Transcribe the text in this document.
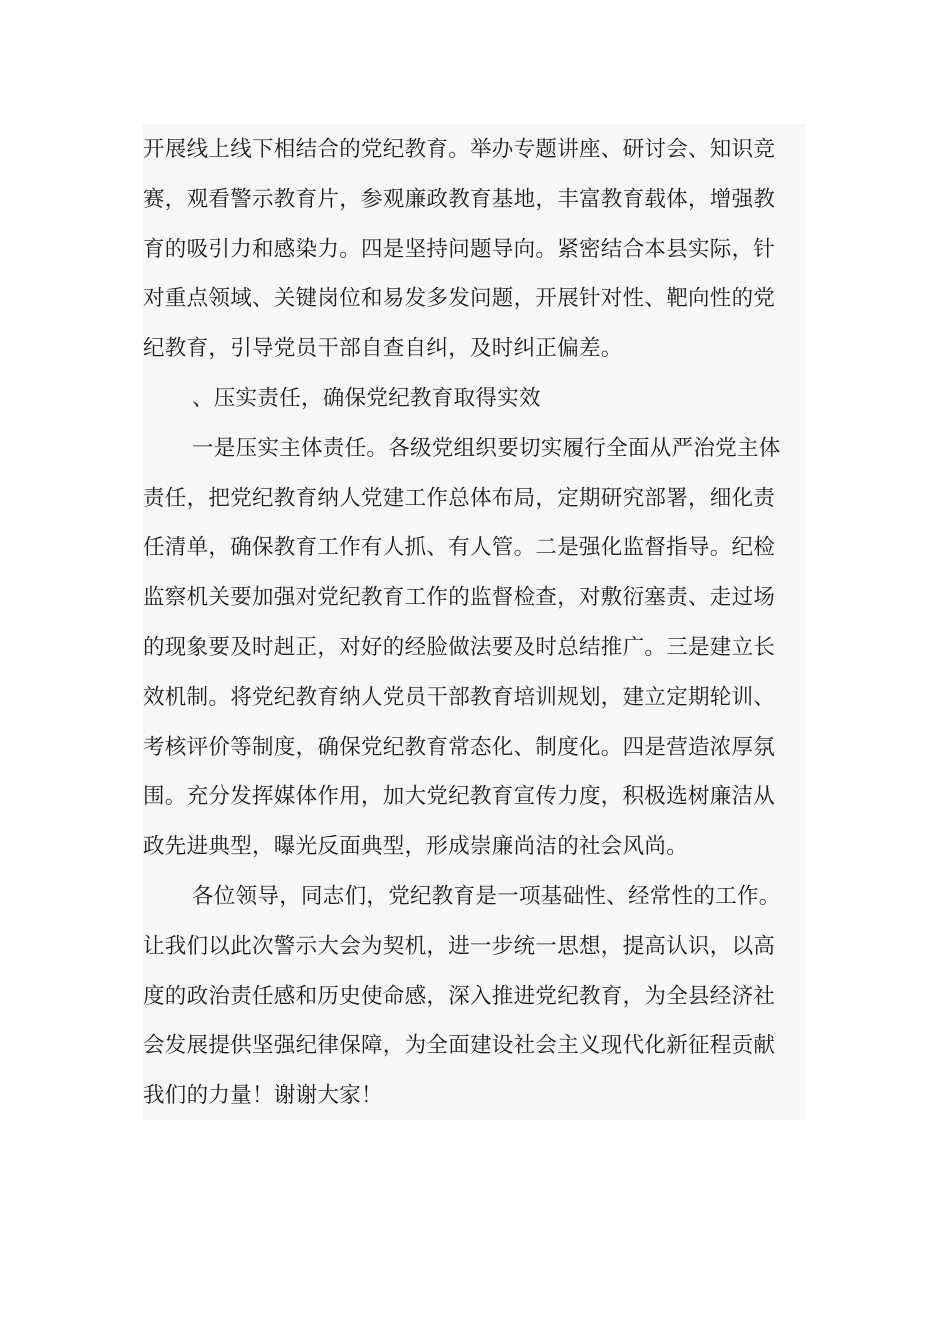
开展线上线下相结合的党纪教育。举办专题讲座、研讨会、知识竞
赛，观看警示教育片，参观廉政教育基地，丰富教育载体，增强教
育的吸引力和感染力。四是坚持问题导向。紧密结合本县实际，针
对重点领域、关键岗位和易发多发问题，开展针对性、靶向性的党
纪教育，引导党员干部自查自纠，及时纠正偏差。
、压实责任，确保党纪教育取得实效
一是压实主体责任。各级党组织要切实履行全面从严治党主体
责任，把党纪教育纳人党建工作总体布局，定期研究部署，细化责
任清单，确保教育工作有人抓、有人管。二是强化监督指导。纪检
监察机关要加强对党纪教育工作的监督检查，对敷衍塞责、走过场
的现象要及时赳正，对好的经脸做法要及时总结推广。三是建立长
效机制。将党纪教育纳人党员干部教育培训规划，建立定期轮训、
考核评价等制度，确保党纪教育常态化、制度化。四是营造浓厚氛
围。充分发挥媒体作用，加大党纪教育宣传力度，积极选树廉洁从
政先进典型，曝光反面典型，形成崇廉尚洁的社会风尚。
各位领导，同志们，党纪教育是一项基础性、经常性的工作。
让我们以此次警示大会为契机，进一步统一思想，提高认识，以高
度的政治责任感和历史使命感，深入推进党纪教育，为全县经济社
会发展提供坚强纪律保障，为全面建设社会主义现代化新征程贡献
我们的力量！谢谢大家！
